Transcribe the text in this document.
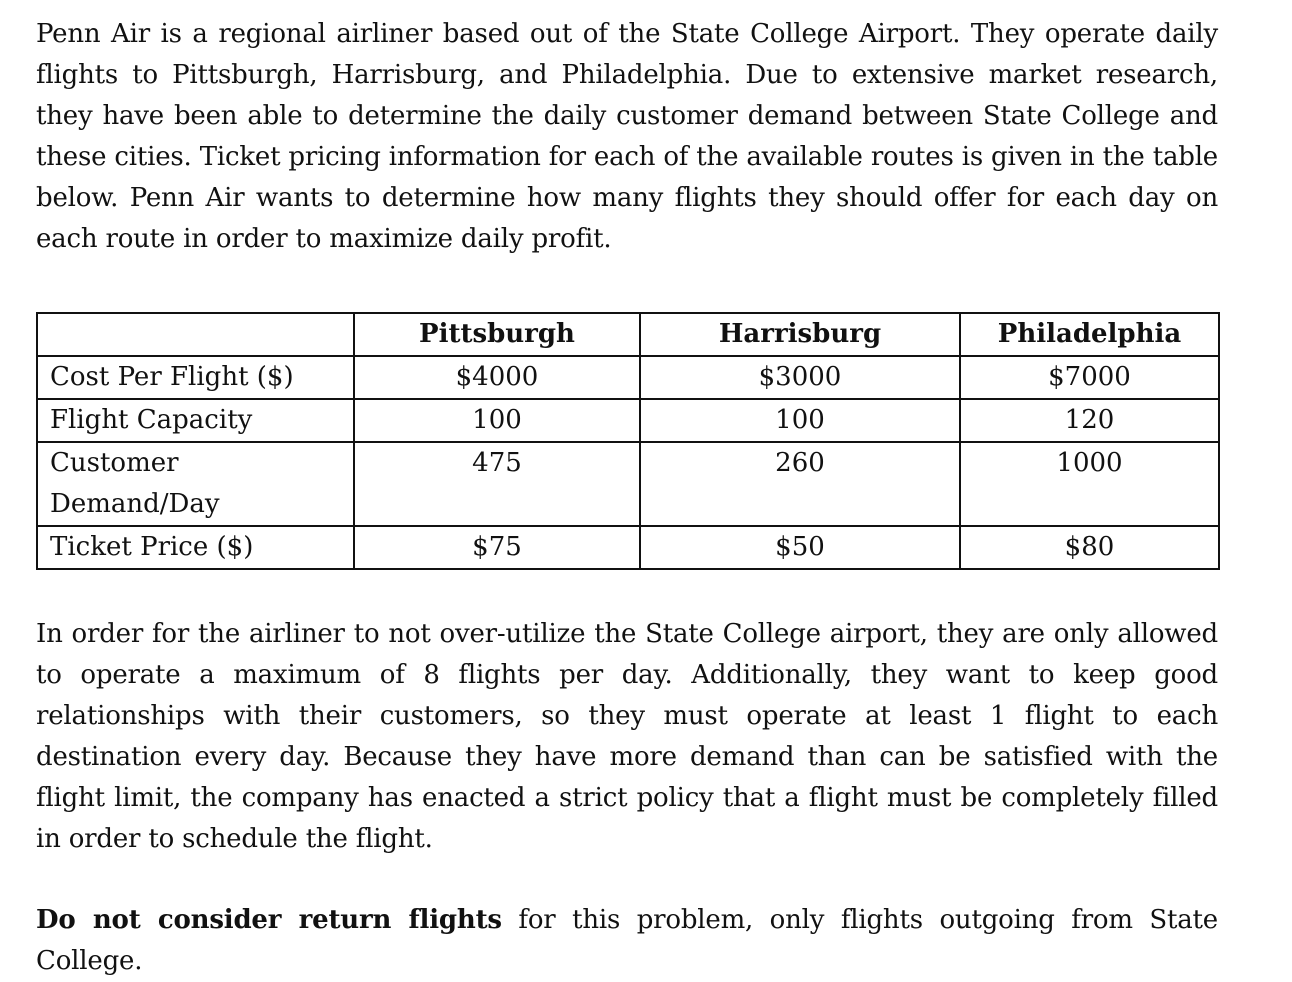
Penn Air is a regional airliner based out of the State College Airport. They operate daily flights to Pittsburgh, Harrisburg, and Philadelphia. Due to extensive market research, they have been able to determine the daily customer demand between State College and these cities. Ticket pricing information for each of the available routes is given in the table below. Penn Air wants to determine how many flights they should offer for each day on each route in order to maximize daily profit.

	Pittsburgh	Harrisburg	Philadelphia
Cost Per Flight ($)	$4000	$3000	$7000
Flight Capacity	100	100	120
Customer Demand/Day	475	260	1000
Ticket Price ($)	$75	$50	$80

In order for the airliner to not over-utilize the State College airport, they are only allowed to operate a maximum of 8 flights per day. Additionally, they want to keep good relationships with their customers, so they must operate at least 1 flight to each destination every day. Because they have more demand than can be satisfied with the flight limit, the company has enacted a strict policy that a flight must be completely filled in order to schedule the flight.

Do not consider return flights for this problem, only flights outgoing from State College.
